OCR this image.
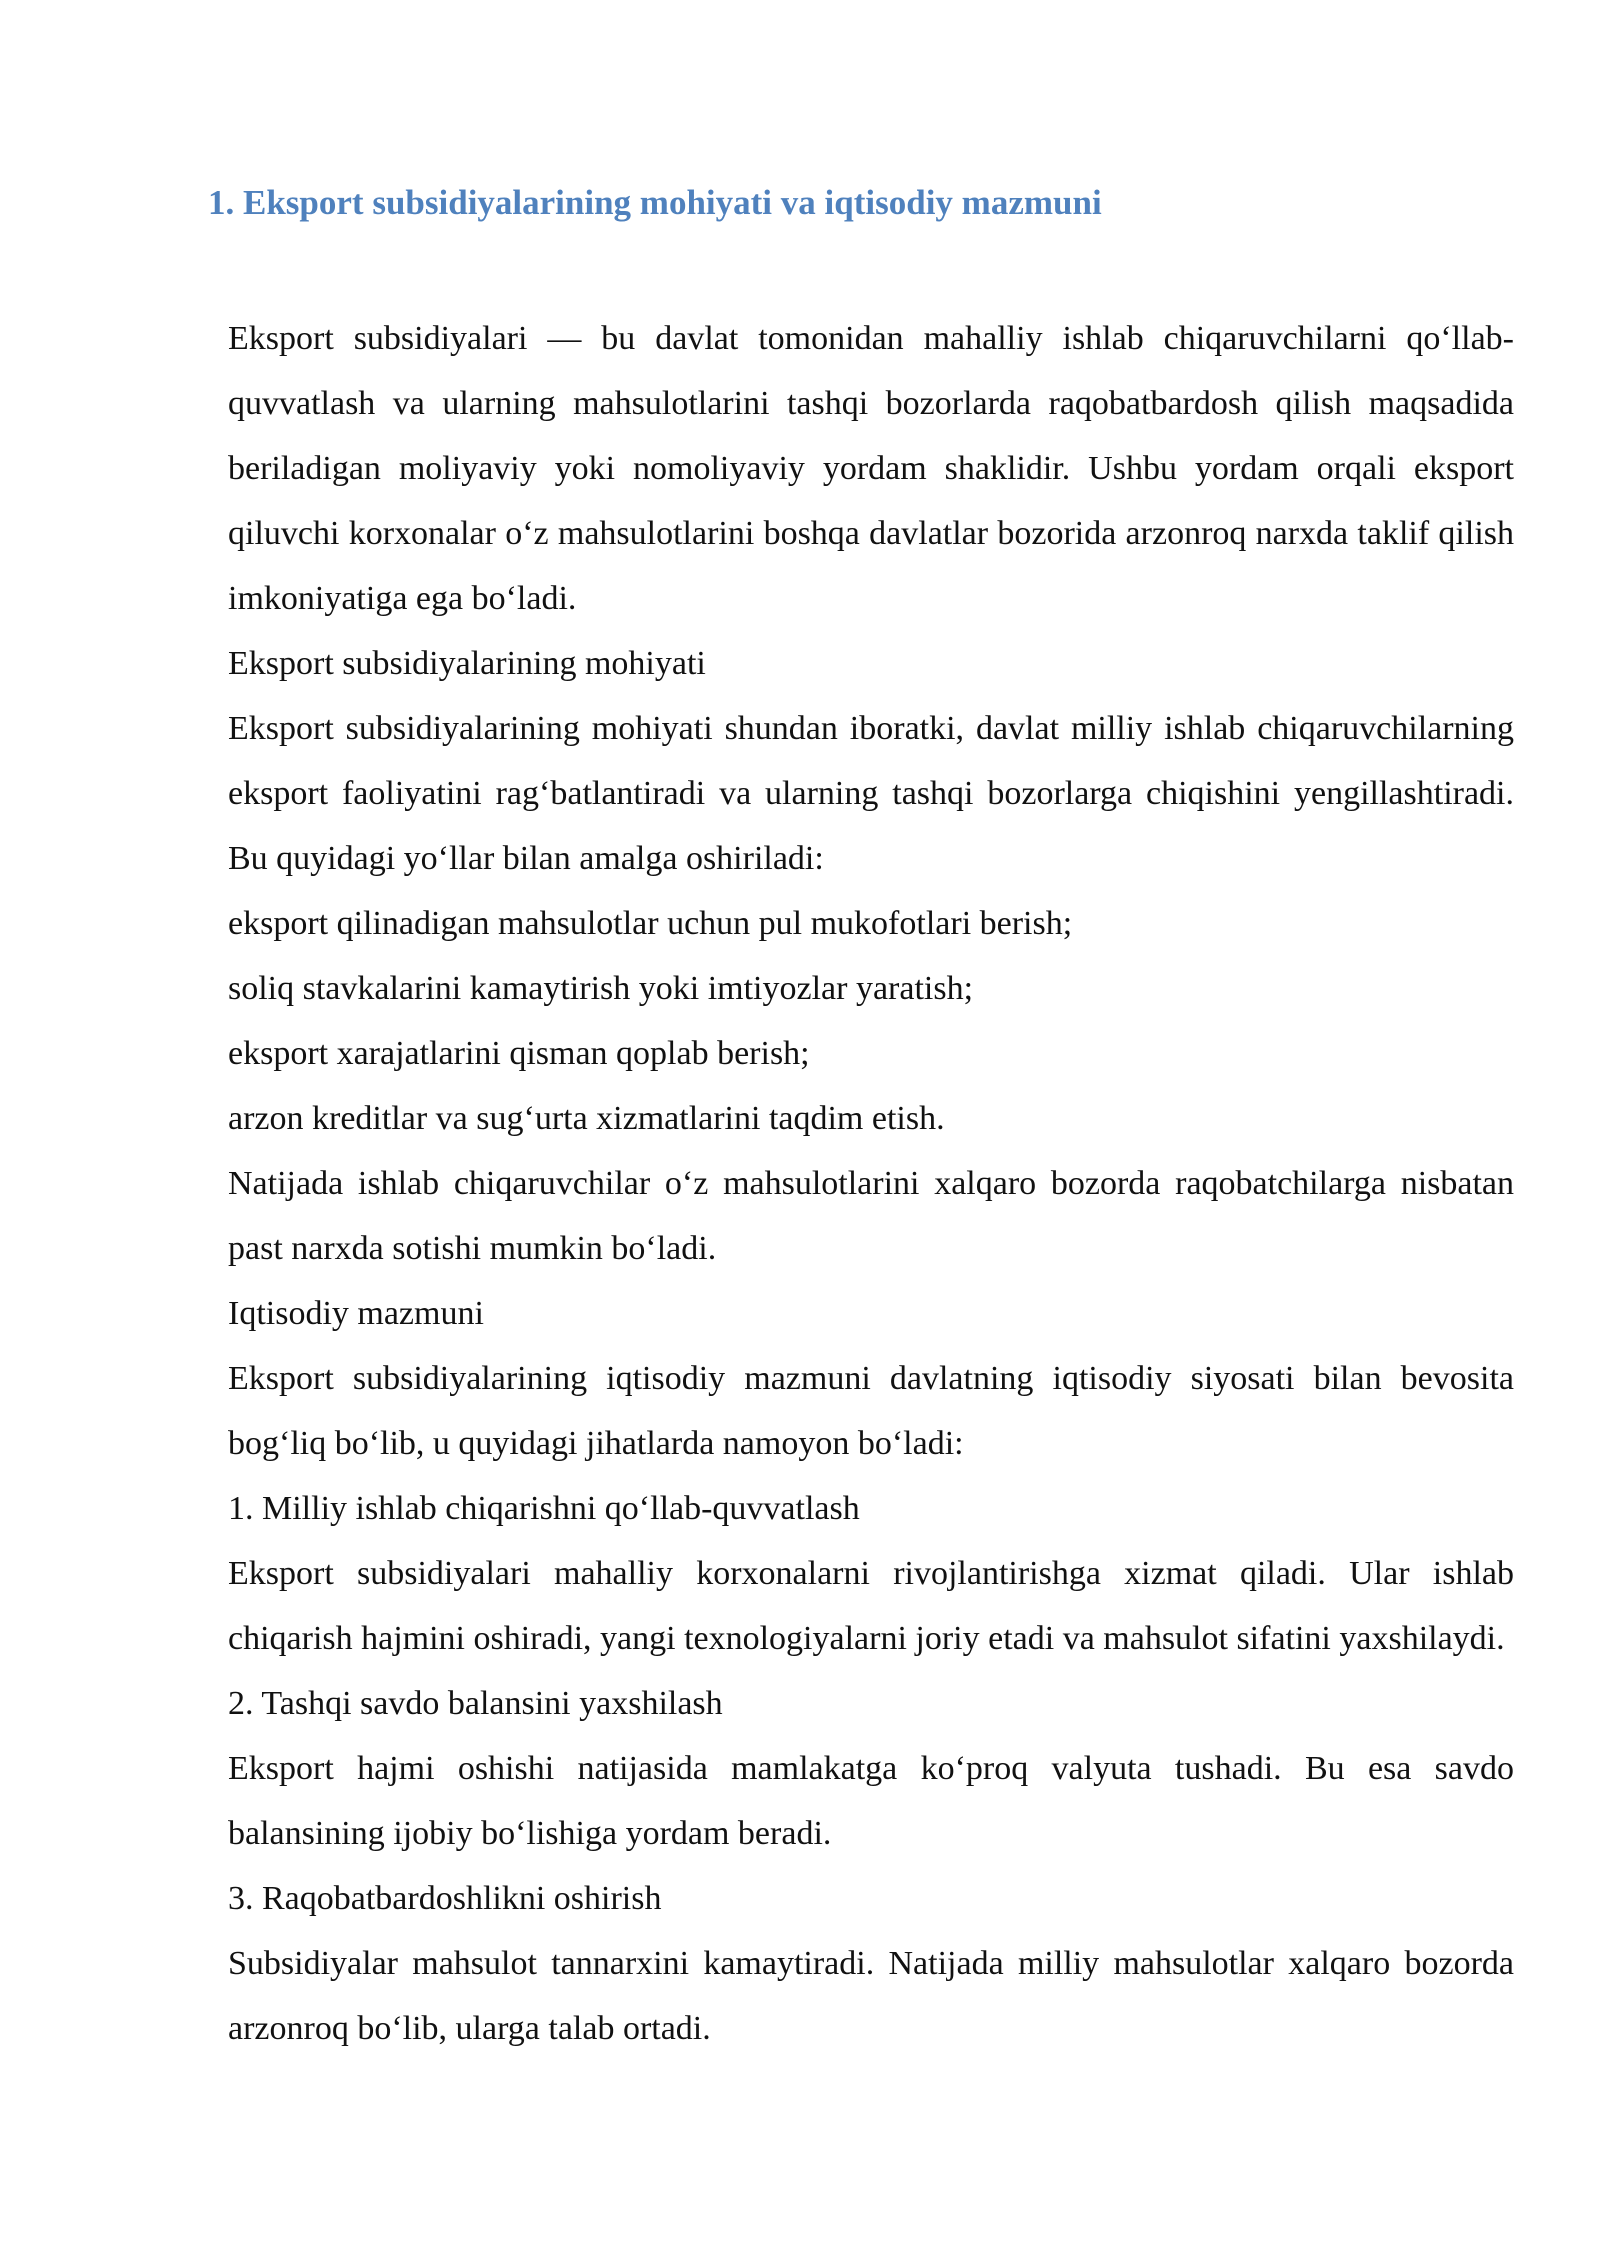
1. Eksport subsidiyalarining mohiyati va iqtisodiy mazmuni

Eksport subsidiyalari — bu davlat tomonidan mahalliy ishlab chiqaruvchilarni qo‘llab-quvvatlash va ularning mahsulotlarini tashqi bozorlarda raqobatbardosh qilish maqsadida beriladigan moliyaviy yoki nomoliyaviy yordam shaklidir. Ushbu yordam orqali eksport qiluvchi korxonalar o‘z mahsulotlarini boshqa davlatlar bozorida arzonroq narxda taklif qilish imkoniyatiga ega bo‘ladi.

Eksport subsidiyalarining mohiyati

Eksport subsidiyalarining mohiyati shundan iboratki, davlat milliy ishlab chiqaruvchilarning eksport faoliyatini rag‘batlantiradi va ularning tashqi bozorlarga chiqishini yengillashtiradi. Bu quyidagi yo‘llar bilan amalga oshiriladi:

eksport qilinadigan mahsulotlar uchun pul mukofotlari berish;

soliq stavkalarini kamaytirish yoki imtiyozlar yaratish;

eksport xarajatlarini qisman qoplab berish;

arzon kreditlar va sug‘urta xizmatlarini taqdim etish.

Natijada ishlab chiqaruvchilar o‘z mahsulotlarini xalqaro bozorda raqobatchilarga nisbatan past narxda sotishi mumkin bo‘ladi.

Iqtisodiy mazmuni

Eksport subsidiyalarining iqtisodiy mazmuni davlatning iqtisodiy siyosati bilan bevosita bog‘liq bo‘lib, u quyidagi jihatlarda namoyon bo‘ladi:

1. Milliy ishlab chiqarishni qo‘llab-quvvatlash

Eksport subsidiyalari mahalliy korxonalarni rivojlantirishga xizmat qiladi. Ular ishlab chiqarish hajmini oshiradi, yangi texnologiyalarni joriy etadi va mahsulot sifatini yaxshilaydi.

2. Tashqi savdo balansini yaxshilash

Eksport hajmi oshishi natijasida mamlakatga ko‘proq valyuta tushadi. Bu esa savdo balansining ijobiy bo‘lishiga yordam beradi.

3. Raqobatbardoshlikni oshirish

Subsidiyalar mahsulot tannarxini kamaytiradi. Natijada milliy mahsulotlar xalqaro bozorda arzonroq bo‘lib, ularga talab ortadi.
